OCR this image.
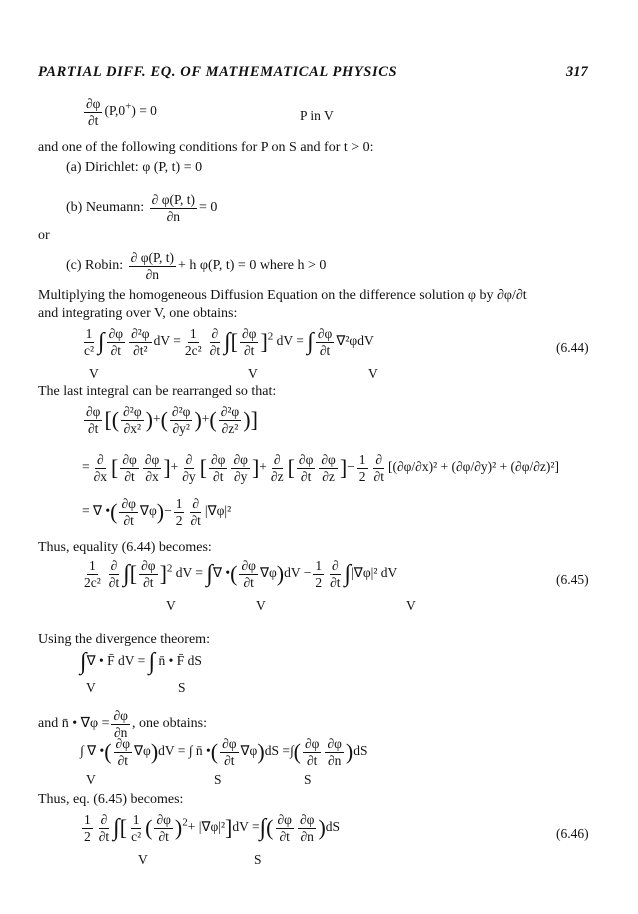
PARTIAL DIFF. EQ. OF MATHEMATICAL PHYSICS	317
$\frac{\partial\varphi}{\partial t} (P,0^+) = 0$	P in V
and one of the following conditions for P on S and for t > 0:
(a) Dirichlet: φ (P, t) = 0
(b) Neumann: $\frac{\partial \varphi(P, t)}{\partial n} = 0$
or
(c) Robin: $\frac{\partial \varphi(P, t)}{\partial n} + h$ φ(P, t) = 0 where h > 0
Multiplying the homogeneous Diffusion Equation on the difference solution φ by ∂φ/∂t
and integrating over V, one obtains:
$\frac{1}{\text{c²}}$ ∫ $\frac{\partial\varphi}{\partial t} \frac{\text{∂²φ}}{\text{∂t²}}$ dV = $\frac{1}{\text{2c²}} \frac{\partial}{\partial t}$ ∫[ $\frac{\partial\varphi}{\partial t} ]^2$ dV = ∫ $\frac{\partial\varphi}{\partial t} \nabla^2\varphi dV$
V	V	V
(6.44)
The last integral can be rearranged so that:
$\frac{\partial\varphi}{\partial t}$ [( $\frac{\text{∂²φ}}{\text{∂x²}}$ )+( $\frac{\text{∂²φ}}{\text{∂y²}}$ )+( $\frac{\text{∂²φ}}{\text{∂z²}}$ )]
= $\frac{\partial}{\partial x}$ [ $\frac{\partial\varphi}{\partial t} \frac{\partial\varphi}{\partial x}$ ]+ $\frac{\partial}{\partial y}$ [ $\frac{\partial\varphi}{\partial t} \frac{\partial\varphi}{\partial y}$ ]+ $\frac{\partial}{\partial z}$ [ $\frac{\partial\varphi}{\partial t} \frac{\partial\varphi}{\partial z}$ ]− $\frac{1}{2} \frac{\partial}{\partial t} [(\partial\varphi/\partial x)^2 + (\partial\varphi/\partial y)^2 + (\partial\varphi/\partial z)^2]$
= ∇ •( $\frac{\partial\varphi}{\partial t} \nabla\varphi)- \frac{1}{2} \frac{\partial}{\partial t} |\nabla\varphi|^2$
Thus, equality (6.44) becomes:
$\frac{1}{\text{2c²}} \frac{\partial}{\partial t}$ ∫[ $\frac{\partial\varphi}{\partial t} ]^2$ dV = ∫∇ •( $\frac{\partial\varphi}{\partial t} \nabla\varphi)dV - \frac{1}{2} \frac{\partial}{\partial t} \int|\nabla\varphi|^2$ dV
V	V	V
(6.45)
Using the divergence theorem:
∫∇ • F̄ dV = ∫ n̄ • F̄ dS
V	S
and n̄ • $\nabla\varphi = \frac{\partial\varphi}{\partial n}$ , one obtains:
∫ ∇ •( $\frac{\partial\varphi}{\partial t} \nabla\varphi)dV$ = ∫ n̄ •( $\frac{\partial\varphi}{\partial t} \nabla\varphi)dS$ =∫( $\frac{\partial\varphi}{\partial t} \frac{\partial\varphi}{\partial n} )dS$
V	S	S
Thus, eq. (6.45) becomes:
$\frac{1}{2} \frac{\partial}{\partial t}$ ∫[ $\frac{1}{\text{c²}}$ ( $\frac{\partial\varphi}{\partial t} )^2+ |\nabla\varphi|^2]dV$ =∫( $\frac{\partial\varphi}{\partial t} \frac{\partial\varphi}{\partial n} )dS$
V	S
(6.46)
